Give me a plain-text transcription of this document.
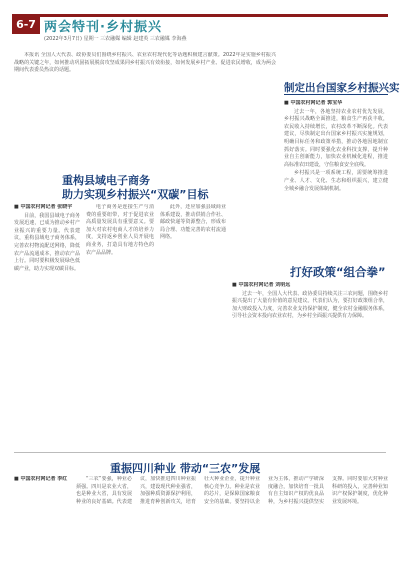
6-7 两会特刊·乡村振兴
(2022年3月7日) 星期一 三农融媒 编辑 赵建英 三农融媒 李海燕

本报讯 全国人大代表、政协委员们围绕乡村振兴、农业农村现代化等话题积极建言献策。2022年是实施乡村振兴战略的关键之年，如何推动巩固拓展脱贫攻坚成果同乡村振兴有效衔接，如何发展乡村产业、促进农民增收，成为两会期间代表委员热议的话题。

制定出台国家乡村振兴实

■ 中国农村网记者 郭宝华

过去一年，各地坚持农业农村优先发展，乡村振兴战略全面推进，粮食生产再获丰收，农民收入持续增长，农村改革不断深化。代表建议，尽快制定出台国家乡村振兴实施规划，明确目标任务和政策举措，推动各地因地制宜抓好落实。同时要强化农业科技支撑，提升种业自主创新能力，加快农业机械化进程，推进高标准农田建设，守住粮食安全底线。

乡村振兴是一项系统工程，需要统筹推进产业、人才、文化、生态和组织振兴，建立健全城乡融合发展体制机制。

重构县域电子商务
助力实现乡村振兴“双碳”目标

■ 中国农村网记者 张晓宇

目前，我国县域电子商务发展迅速，已成为推动乡村产业振兴的重要力量。代表建议，重构县域电子商务体系，完善农村物流配送网络，降低农产品流通成本，推动农产品上行。同时要积极发展绿色低碳产业，助力实现双碳目标。

电子商务是连接生产与消费的重要纽带，对于促进农业高质量发展具有重要意义。要加大对农村电商人才的培养力度，支持返乡创业人员开展电商业务，打造具有地方特色的农产品品牌。

此外，还应加强县域商业体系建设，推动供销合作社、邮政快递等资源整合，形成布局合理、功能完善的农村流通网络。

打好政策“组合拳”

■ 中国农村网记者 刘明远

过去一年，全国人大代表、政协委员持续关注三农问题，围绕乡村振兴提出了大量有价值的意见建议。代表们认为，要打好政策组合拳，加大财政投入力度，完善农业支持保护制度，健全农村金融服务体系，引导社会资本投向农业农村，为乡村全面振兴提供有力保障。

重振四川种业 带动“三农”发展

■ 中国农村网记者 李红	“三农”要强，种业必须强。四川是农业大省，也是种业大省，具有发展种业的良好基础。代表建议，加快推进四川种业振兴，建设现代种业强省，加强种质资源保护利用，推进育种创新攻关，培育壮大种业企业，提升种业核心竞争力。种业是农业的芯片，是保障国家粮食安全的基础。要坚持以企业为主体，推动产学研深度融合，加快培育一批具有自主知识产权的优良品种，为乡村振兴提供坚实支撑。同时要加大对种业科研的投入，完善种业知识产权保护制度，优化种业发展环境。
